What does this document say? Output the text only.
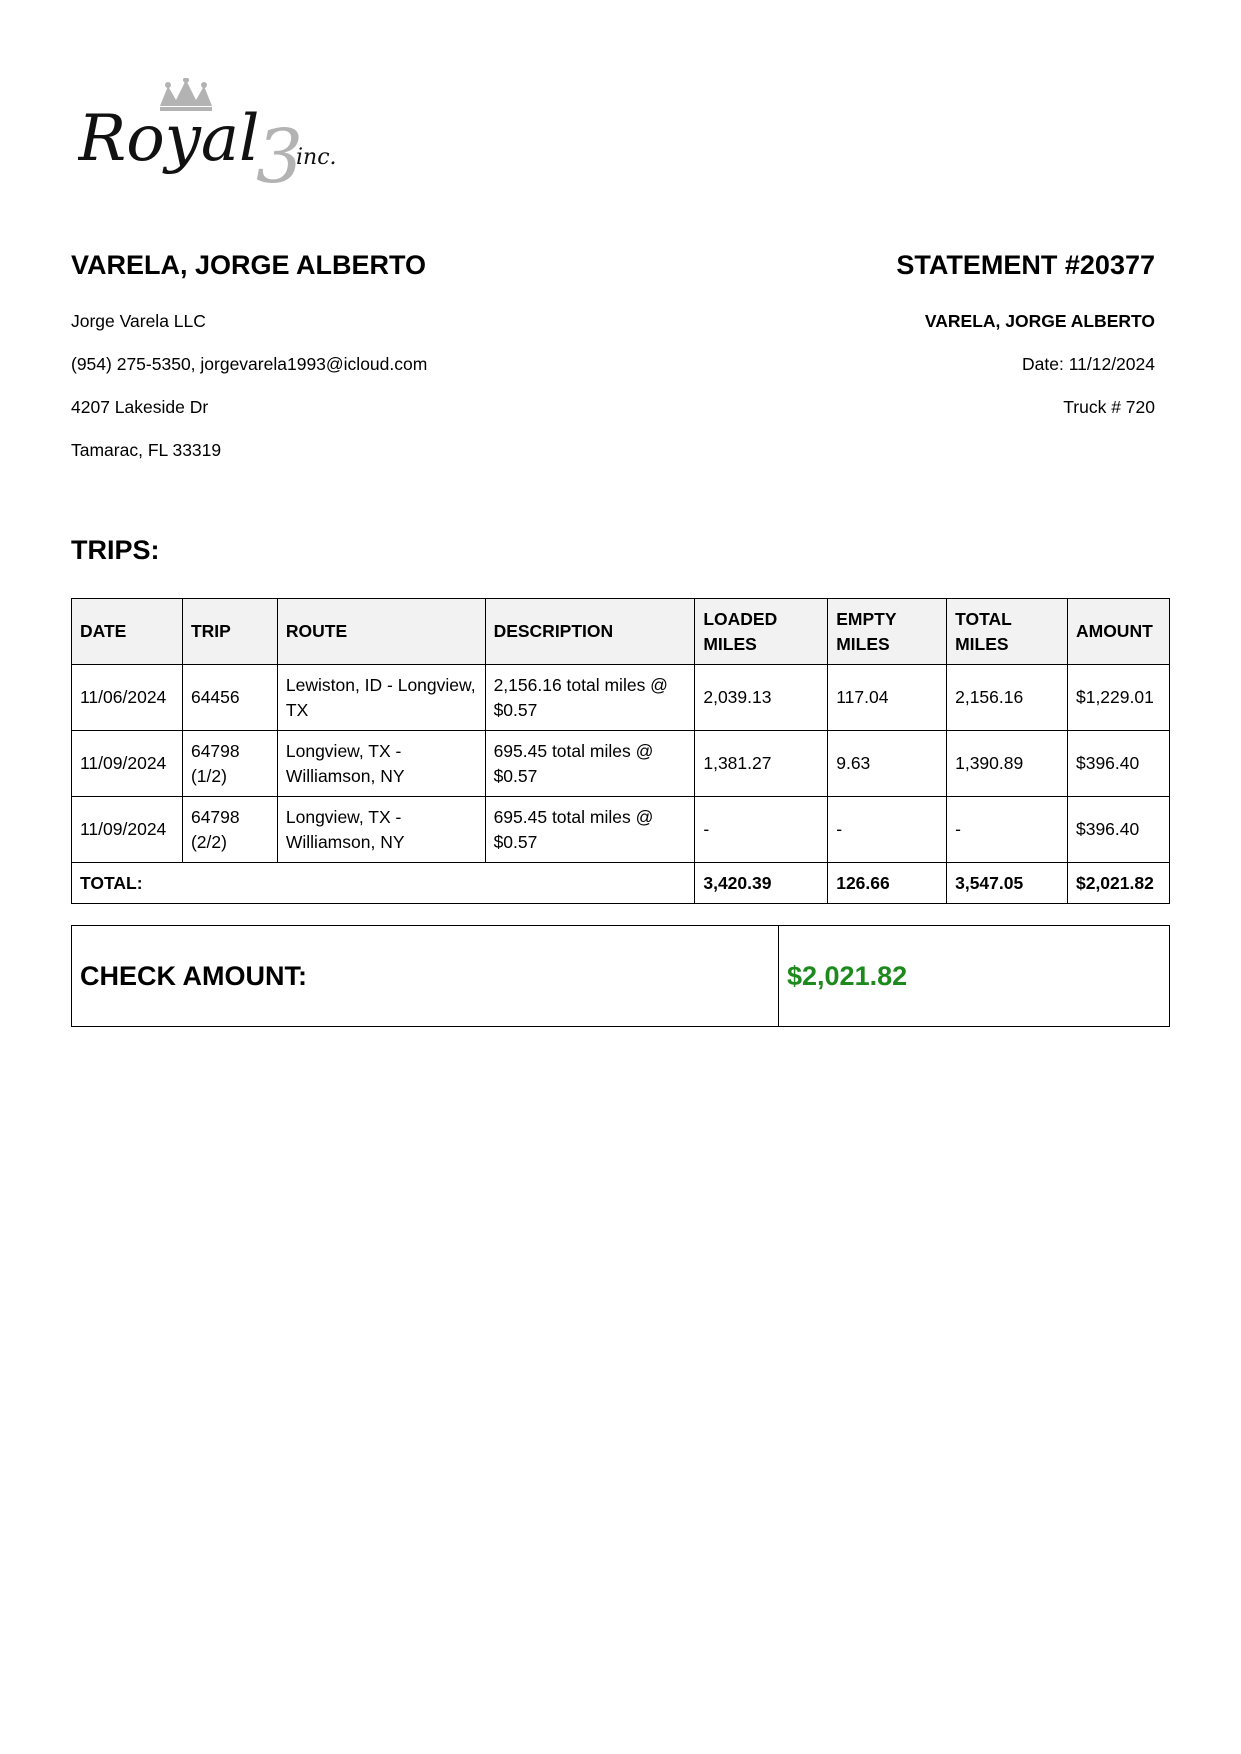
Royal
3
inc.
VARELA, JORGE ALBERTO	STATEMENT #20377
Jorge Varela LLC
(954) 275-5350, jorgevarela1993@icloud.com
4207 Lakeside Dr
Tamarac, FL 33319
VARELA, JORGE ALBERTO
Date: 11/12/2024
Truck # 720
TRIPS:
DATE	TRIP	ROUTE	DESCRIPTION	LOADED MILES	EMPTY MILES	TOTAL MILES	AMOUNT
11/06/2024	64456	Lewiston, ID - Longview, TX	2,156.16 total miles @ $0.57	2,039.13	117.04	2,156.16	$1,229.01
11/09/2024	64798 (1/2)	Longview, TX - Williamson, NY	695.45 total miles @ $0.57	1,381.27	9.63	1,390.89	$396.40
11/09/2024	64798 (2/2)	Longview, TX - Williamson, NY	695.45 total miles @ $0.57	-	-	-	$396.40
TOTAL:				3,420.39	126.66	3,547.05	$2,021.82
CHECK AMOUNT:	$2,021.82
